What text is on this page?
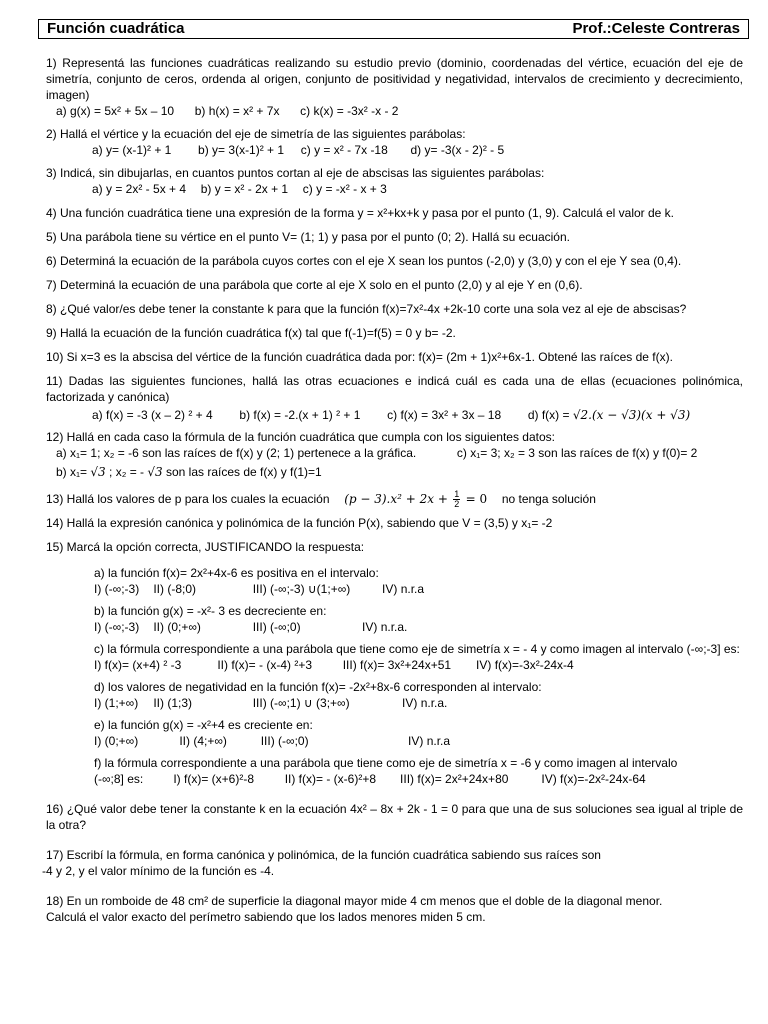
Función cuadrática	Prof.:Celeste Contreras

1) Representá las funciones cuadráticas realizando su estudio previo (dominio, coordenadas del vértice, ecuación del eje de simetría, conjunto de ceros, ordenda al origen, conjunto de positividad y negatividad, intervalos de crecimiento y decrecimiento, imagen)

a) g(x) = 5x² + 5x – 10 b) h(x) = x² + 7x c) k(x) = -3x² -x - 2

2) Hallá el vértice y la ecuación del eje de simetría de las siguientes parábolas:

a) y= (x-1)² + 1 b) y= 3(x-1)² + 1 c) y = x² - 7x -18 d) y= -3(x - 2)² - 5

3) Indicá, sin dibujarlas, en cuantos puntos cortan al eje de abscisas las siguientes parábolas:

a) y = 2x² - 5x + 4 b) y = x² - 2x + 1 c) y = -x² - x + 3

4) Una función cuadrática tiene una expresión de la forma y = x²+kx+k y pasa por el punto (1, 9). Calculá el valor de k.

5) Una parábola tiene su vértice en el punto V= (1; 1) y pasa por el punto (0; 2). Hallá su ecuación.

6) Determiná la ecuación de la parábola cuyos cortes con el eje X sean los puntos (-2,0) y (3,0) y con el eje Y sea (0,4).

7) Determiná la ecuación de una parábola que corte al eje X solo en el punto (2,0) y al eje Y en (0,6).

8) ¿Qué valor/es debe tener la constante k para que la función f(x)=7x²-4x +2k-10 corte una sola vez al eje de abscisas?

9) Hallá la ecuación de la función cuadrática f(x) tal que f(-1)=f(5) = 0 y b= -2.

10) Si x=3 es la abscisa del vértice de la función cuadrática dada por: f(x)= (2m + 1)x²+6x-1. Obtené las raíces de f(x).

11) Dadas las siguientes funciones, hallá las otras ecuaciones e indicá cuál es cada una de ellas (ecuaciones polinómica, factorizada y canónica)

a) f(x) = -3 (x – 2) ² + 4 b) f(x) = -2.(x + 1) ² + 1 c) f(x) = 3x² + 3x – 18 d) f(x) = √2.(x − √3)(x + √3)

12) Hallá en cada caso la fórmula de la función cuadrática que cumpla con los siguientes datos:

a) x₁= 1; x₂ = -6 son las raíces de f(x) y (2; 1) pertenece a la gráfica.	c) x₁= 3; x₂ = 3 son las raíces de f(x) y f(0)= 2
b) x₁= √3 ; x₂ = - √3 son las raíces de f(x) y f(1)=1
13) Hallá los valores de p para los cuales la ecuación $(p - 3).x^2 + 2x + \frac{1}{2} = 0$ no tenga solución

14) Hallá la expresión canónica y polinómica de la función P(x), sabiendo que V = (3,5) y x₁= -2

15) Marcá la opción correcta, JUSTIFICANDO la respuesta:

a) la función f(x)= 2x²+4x-6 es positiva en el intervalo:

I) (-∞;-3) II) (-8;0)	III) (-∞;-3) ∪(1;+∞)	IV) n.r.a

b) la función g(x) = -x²- 3 es decreciente en:

I) (-∞;-3) II) (0;+∞)	III) (-∞;0)	IV) n.r.a.

c) la fórmula correspondiente a una parábola que tiene como eje de simetría x = - 4 y como imagen al intervalo (-∞;-3] es:

I) f(x)= (x+4) ² -3	II) f(x)= - (x-4) ²+3	III) f(x)= 3x²+24x+51 IV) f(x)=-3x²-24x-4

d) los valores de negatividad en la función f(x)= -2x²+8x-6 corresponden al intervalo:

I) (1;+∞) II) (1;3)	III) (-∞;1) ∪ (3;+∞)	IV) n.r.a.

e) la función g(x) = -x²+4 es creciente en:

I) (0;+∞)	II) (4;+∞)	III) (-∞;0)	IV) n.r.a

f) la fórmula correspondiente a una parábola que tiene como eje de simetría x = -6 y como imagen al intervalo

(-∞;8] es:	I) f(x)= (x+6)²-8	II) f(x)= - (x-6)²+8 III) f(x)= 2x²+24x+80	IV) f(x)=-2x²-24x-64

16) ¿Qué valor debe tener la constante k en la ecuación 4x² – 8x + 2k - 1 = 0 para que una de sus soluciones sea igual al triple de la otra?

17) Escribí la fórmula, en forma canónica y polinómica, de la función cuadrática sabiendo sus raíces son

-4 y 2, y el valor mínimo de la función es -4.

18) En un romboide de 48 cm² de superficie la diagonal mayor mide 4 cm menos que el doble de la diagonal menor.

Calculá el valor exacto del perímetro sabiendo que los lados menores miden 5 cm.
